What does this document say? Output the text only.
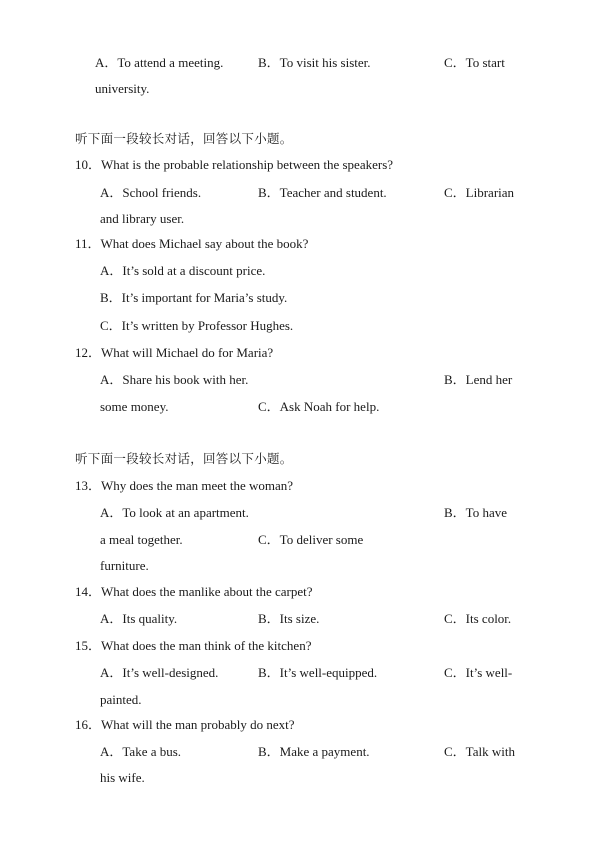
A．To attend a meeting.	B．To visit his sister.	C．To start
university.
听下面一段较长对话，回答以下小题。
10．What is the probable relationship between the speakers?
A．School friends.	B．Teacher and student.	C．Librarian
and library user.
11．What does Michael say about the book?
A．It’s sold at a discount price.
B．It’s important for Maria’s study.
C．It’s written by Professor Hughes.
12．What will Michael do for Maria?
A．Share his book with her.	B．Lend her
some money.	C．Ask Noah for help.
听下面一段较长对话，回答以下小题。
13．Why does the man meet the woman?
A．To look at an apartment.	B．To have
a meal together.	C．To deliver some
furniture.
14．What does the manlike about the carpet?
A．Its quality.	B．Its size.	C．Its color.
15．What does the man think of the kitchen?
A．It’s well-designed.	B．It’s well-equipped.	C．It’s well-
painted.
16．What will the man probably do next?
A．Take a bus.	B．Make a payment.	C．Talk with
his wife.
